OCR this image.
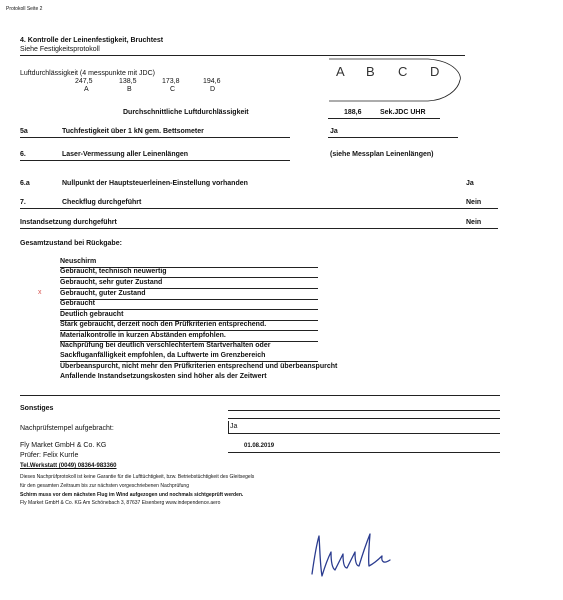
Protokoll Seite 2
4. Kontrolle der Leinenfestigkeit, Bruchtest
Siehe Festigkeitsprotokoll
Luftdurchlässigkeit (4 messpunkte mit JDC)
247,5	138,5	173,8	194,6
A	B	C	D
A B C D
Durchschnittliche Luftdurchlässigkeit	188,6	Sek.JDC UHR
5a	Tuchfestigkeit über 1 kN gem. Bettsometer	Ja
6.	Laser-Vermessung aller Leinenlängen	(siehe Messplan Leinenlängen)
6.a	Nullpunkt der Hauptsteuerleinen-Einstellung vorhanden	Ja
7.	Checkflug durchgeführt	Nein
Instandsetzung durchgeführt	Nein
Gesamtzustand bei Rückgabe:
x
Neuschirm
Gebraucht, technisch neuwertig
Gebraucht, sehr guter Zustand
Gebraucht, guter Zustand
Gebraucht
Deutlich gebraucht
Stark gebraucht, derzeit noch den Prüfkriterien entsprechend.
Materialkontrolle in kurzen Abständen empfohlen.
Nachprüfung bei deutlich verschlechtertem Startverhalten oder
Sackfluganfälligkeit empfohlen, da Luftwerte im Grenzbereich
Überbeanspurcht, nicht mehr den Prüfkriterien entsprechend und überbeanspurcht
Anfallende Instandsetzungskosten sind höher als der Zeitwert
Sonstiges
Nachprüfstempel aufgebracht:	Ja
Fly Market GmbH & Co. KG	01.08.2019
Prüfer: Felix Kurrle
Tel.Werkstatt (0049) 08364-983360
Dieses Nachprüfprotokoll ist keine Garantie für die Lufttüchtigkeit, bzw. Betriebstüchtigkeit des Gleitsegels
für den gesamten Zeitraum bis zur nächsten vorgeschriebenen Nachprüfung
Schirm muss vor dem nächsten Flug im Wind aufgezogen und nochmals sichtgeprüft werden.
Fly Market GmbH & Co. KG Am Schönebach 3, 87637 Eisenberg www.independence.aero
